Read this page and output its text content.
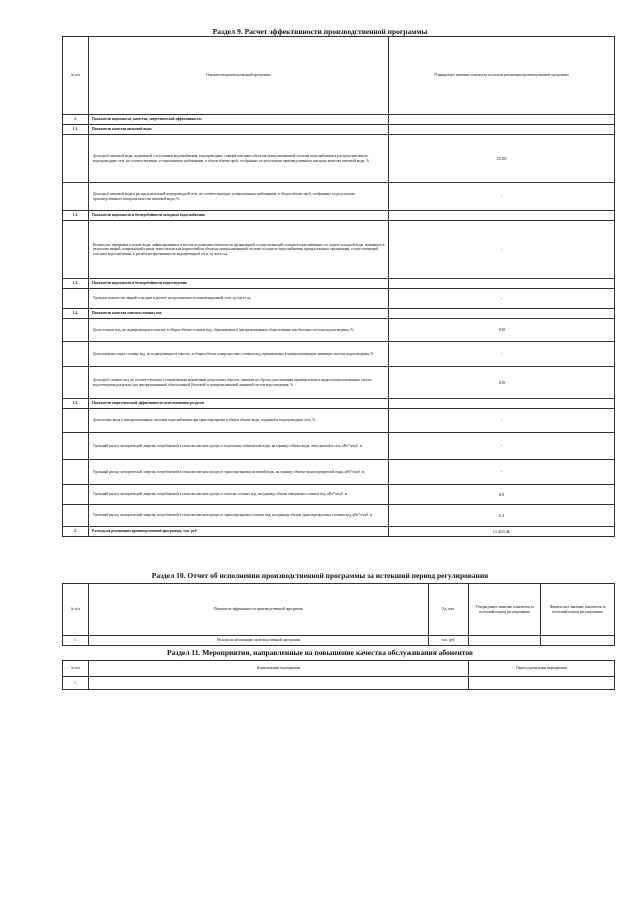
Раздел 9. Расчет эффективности производственной программы
№ п/п	Показатели производственной программы	Планируемое значение показателя по итогам реализации производственной программы
1.	Показатели надежности, качества, энергетической эффективности:	
1.1.	Показатели качества питьевой воды	
	Доля проб питьевой воды, подаваемой с источников водоснабжения, водопроводных станций или иных объектов централизованной системы водоснабжения в распределительную водопроводную сеть, не соответствующих установленным требованиям, в общем объеме проб, отобранных по результатам производственного контроля качества питьевой воды, %	25,00
	Доля проб питьевой воды в распределительной водопроводной сети, не соответствующих установленным требованиям, в общем объеме проб, отобранных по результатам производственного контроля качества питьевой воды, %	-
1.2.	Показатели надежности и бесперебойности холодного водоснабжения	
	Количество перерывов в подаче воды, зафиксированных в местах исполнения обязательств организацией, осуществляющей холодное водоснабжение, по подаче холодной воды, возникших в результате аварий, повреждений и иных технологических нарушений на объектах централизованной системы холодного водоснабжения, принадлежащих организации, осуществляющей холодное водоснабжение, в расчете на протяженность водопроводной сети, ед./км в год	-
1.3.	Показатели надежности и бесперебойности водоотведения	
	Удельное количество аварий и засоров в расчете на протяженность канализационной сети, ед./км в год	-
1.4.	Показатели качества очистки сточных вод	
	Доля сточных вод, не подвергающихся очистке, в общем объеме сточных вод, сбрасываемых в централизованные общесплавные или бытовые системы водоотведения, %	100
	Доля поверхностных сточных вод, не подвергающихся очистке, в общем объеме поверхностных сточных вод, принимаемых в централизованную ливневую систему водоотведения, %	-
	Доля проб сточных вод, не соответствующих установленным нормативам допустимых сбросов, лимитам на сбросы, рассчитанная применительно к видам централизованных систем водоотведения раздельно для централизованной общесплавной (бытовой) и централизованной ливневой систем водоотведения, %	100
1.5.	Показатели энергетической эффективности использования ресурсов	
	Доля потерь воды в централизованных системах водоснабжения при транспортировке в общем объеме воды, поданной в водопроводную сеть, %	-
	Удельный расход электрической энергии, потребляемой в технологическом процессе подготовки технической воды, на единицу объема воды, отпускаемой в сеть, кВт*ч/куб. м	-
	Удельный расход электрической энергии, потребляемой в технологическом процессе транспортировки питьевой воды, на единицу объема транспортируемой воды, кВт*ч/куб. м	-
	Удельный расход электрической энергии, потребляемой в технологическом процессе очистки сточных вод, на единицу объема очищаемых сточных вод, кВт*ч/куб. м	0,0
	Удельный расход электрической энергии, потребляемой в технологическом процессе транспортировки сточных вод, на единицу объема транспортируемых сточных вод, кВт*ч/куб. м	0,3
2.	Расходы на реализацию производственной программы, тыс. руб.	11 463,46
Раздел 10. Отчет об исполнении производственной программы за истекший период регулирования
№ п/п	Показатели эффективности производственной программы	Ед. изм.	Утвержденное значение показателя за истекший период регулирования	Фактическое значение показателя за истекший период регулирования
1.	Расходы на реализацию производственной программы	тыс. руб.		
Раздел 11. Мероприятия, направленные на повышение качества обслуживания абонентов
№ п/п	Наименование мероприятия	Период проведения мероприятия
1.		
